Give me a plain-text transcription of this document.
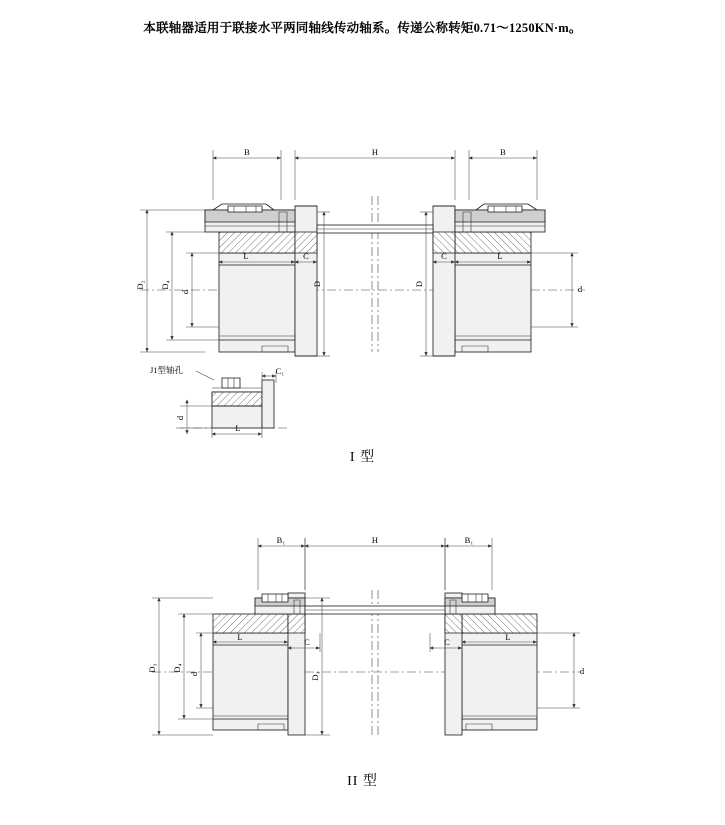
本联轴器适用于联接水平两同轴线传动轴系。传递公称转矩0.71～1250KN·m。
B	H	B
D₂ D₄
d	d
L	C	L
C
D	D
J1型轴孔	C₁
d
L
B₁	H	B₁
D₃ D₄
d	d
L	C	L
C
D₁
I 型
II 型
